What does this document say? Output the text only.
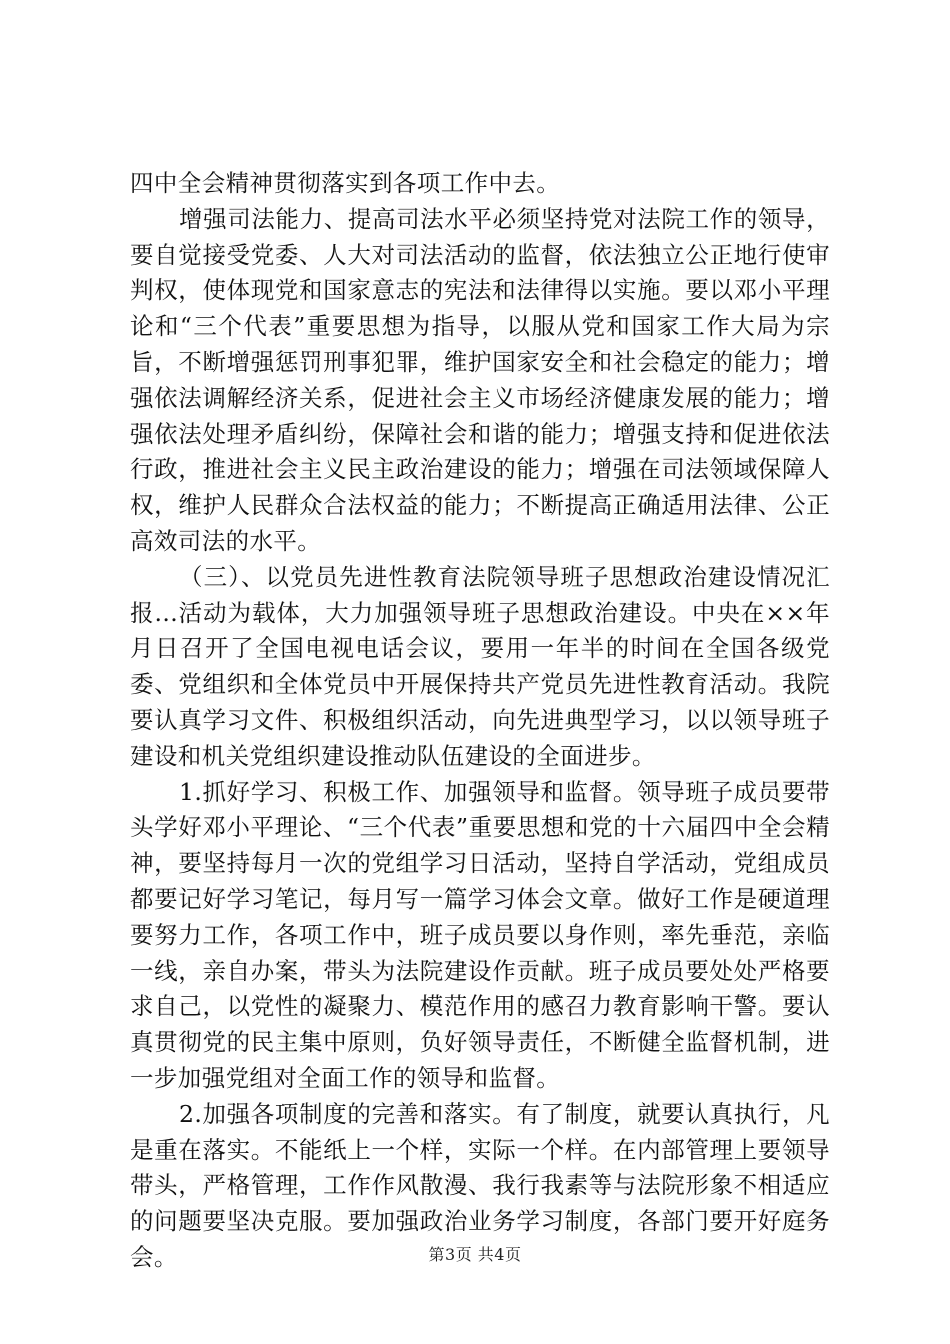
四中全会精神贯彻落实到各项工作中去。

增强司法能力、提高司法水平必须坚持党对法院工作的领导，要自觉接受党委、人大对司法活动的监督，依法独立公正地行使审判权，使体现党和国家意志的宪法和法律得以实施。要以邓小平理论和“三个代表”重要思想为指导，以服从党和国家工作大局为宗旨，不断增强惩罚刑事犯罪，维护国家安全和社会稳定的能力；增强依法调解经济关系，促进社会主义市场经济健康发展的能力；增强依法处理矛盾纠纷，保障社会和谐的能力；增强支持和促进依法行政，推进社会主义民主政治建设的能力；增强在司法领域保障人权，维护人民群众合法权益的能力；不断提高正确适用法律、公正高效司法的水平。

（三）、以党员先进性教育法院领导班子思想政治建设情况汇报...活动为载体，大力加强领导班子思想政治建设。中央在××年月日召开了全国电视电话会议，要用一年半的时间在全国各级党委、党组织和全体党员中开展保持共产党员先进性教育活动。我院要认真学习文件、积极组织活动，向先进典型学习，以以领导班子建设和机关党组织建设推动队伍建设的全面进步。

1.抓好学习、积极工作、加强领导和监督。领导班子成员要带头学好邓小平理论、“三个代表”重要思想和党的十六届四中全会精神，要坚持每月一次的党组学习日活动，坚持自学活动，党组成员都要记好学习笔记，每月写一篇学习体会文章。做好工作是硬道理要努力工作，各项工作中，班子成员要以身作则，率先垂范，亲临一线，亲自办案，带头为法院建设作贡献。班子成员要处处严格要求自己，以党性的凝聚力、模范作用的感召力教育影响干警。要认真贯彻党的民主集中原则，负好领导责任，不断健全监督机制，进一步加强党组对全面工作的领导和监督。

2.加强各项制度的完善和落实。有了制度，就要认真执行，凡是重在落实。不能纸上一个样，实际一个样。在内部管理上要领导带头，严格管理，工作作风散漫、我行我素等与法院形象不相适应的问题要坚决克服。要加强政治业务学习制度，各部门要开好庭务会。	第3页 共4页
